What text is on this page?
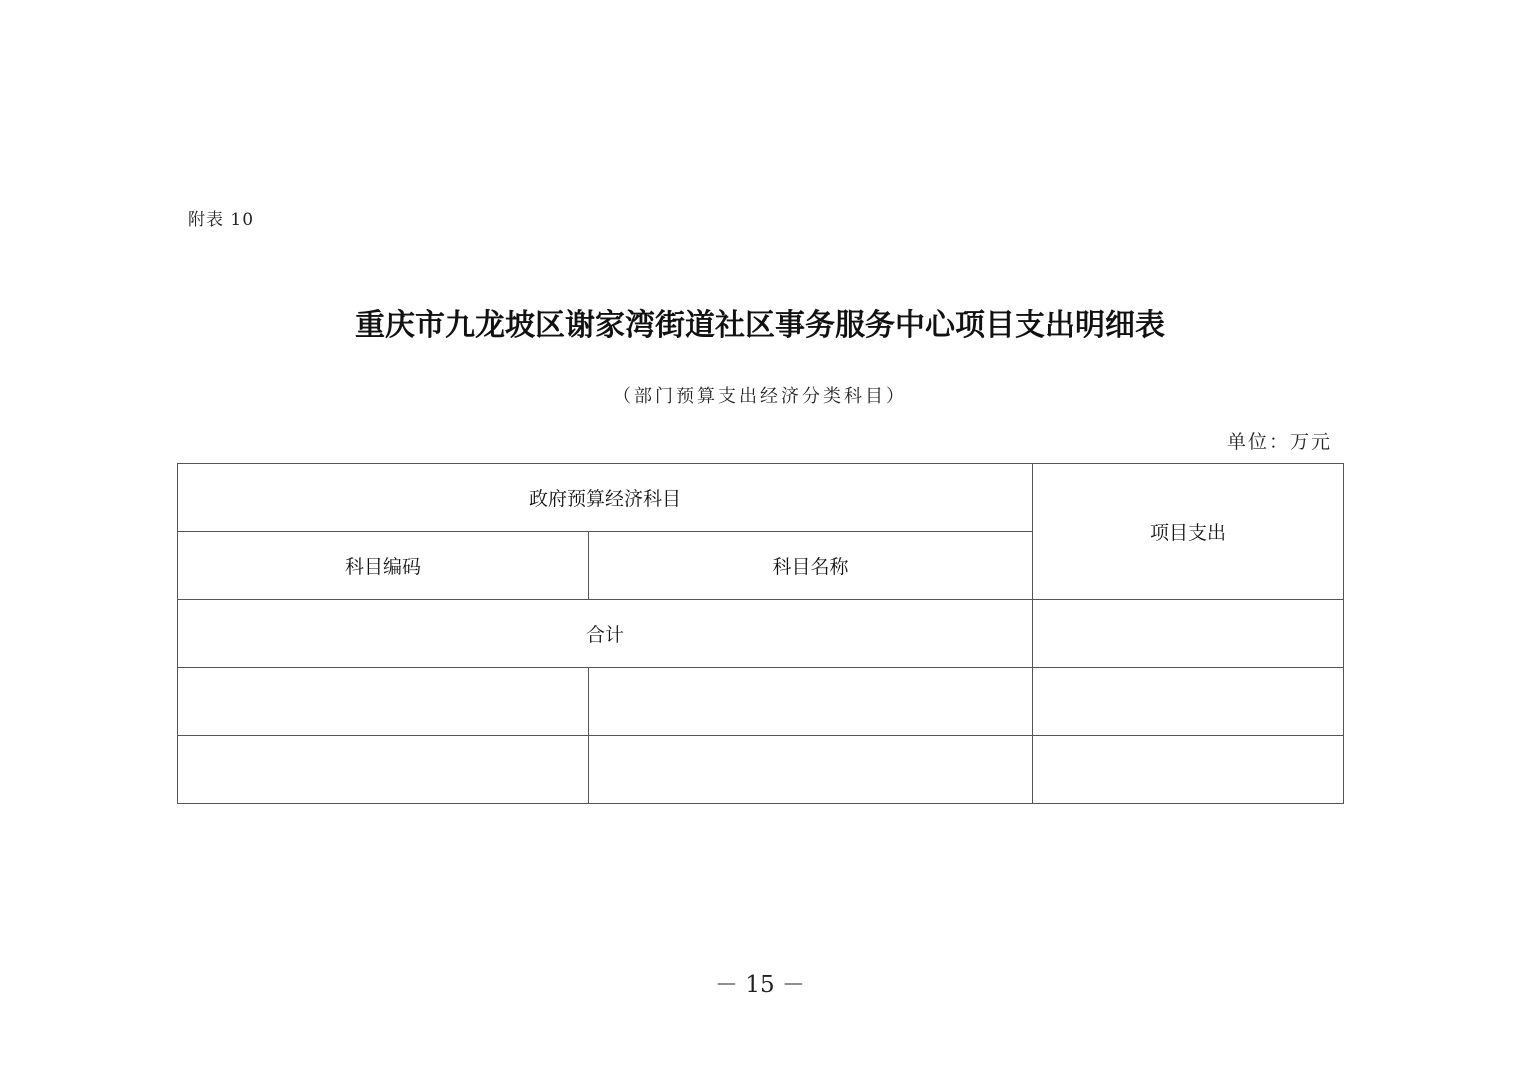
附表 10
重庆市九龙坡区谢家湾街道社区事务服务中心项目支出明细表
（部门预算支出经济分类科目）
单位：万元
政府预算经济科目		项目支出
科目编码	科目名称	
合计		

－ 15 －
